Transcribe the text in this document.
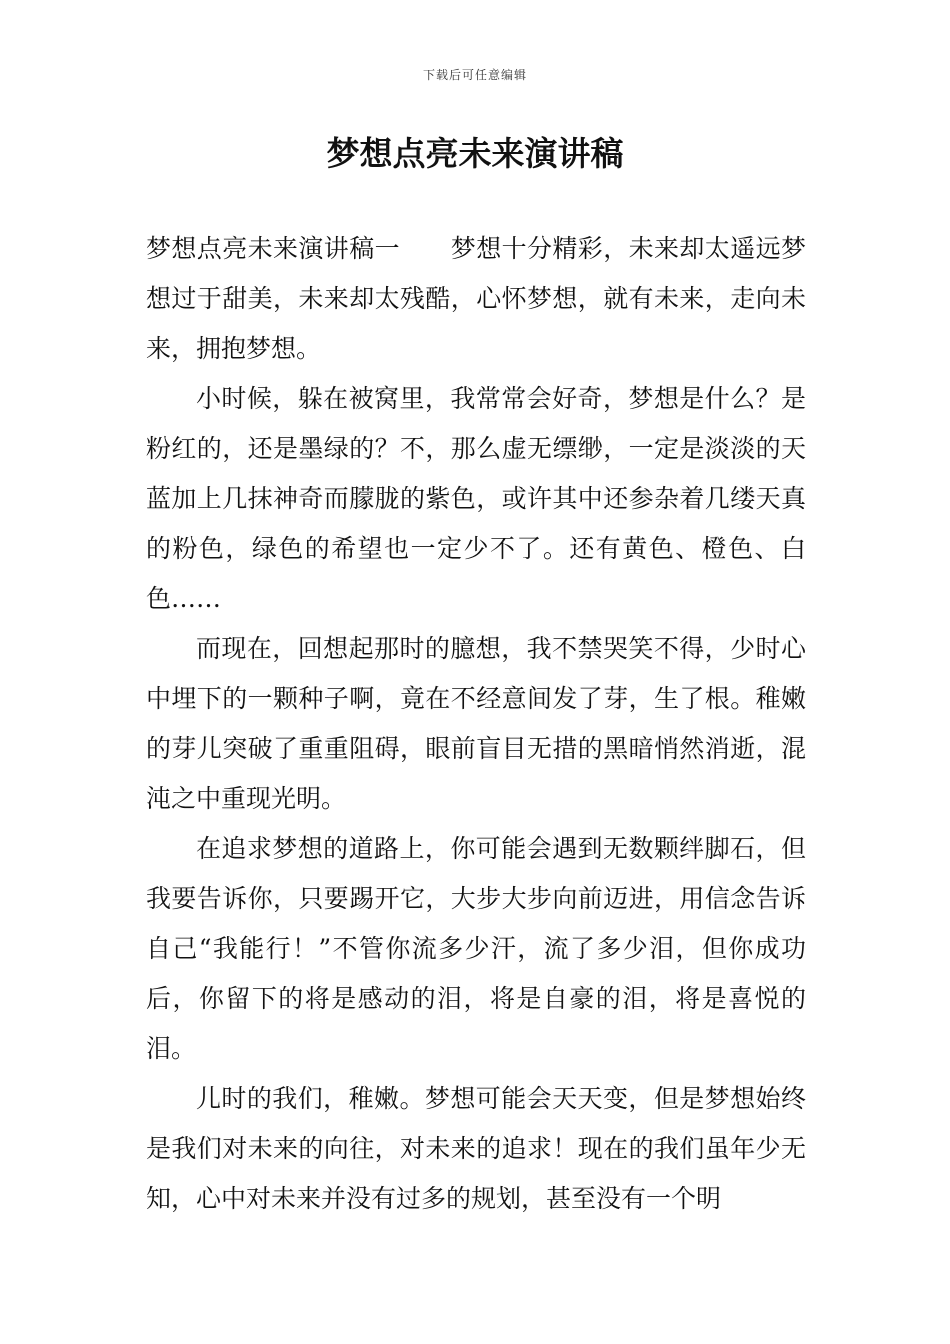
下载后可任意编辑
梦想点亮未来演讲稿

梦想点亮未来演讲稿一　　梦想十分精彩，未来却太遥远梦想过于甜美，未来却太残酷，心怀梦想，就有未来，走向未来，拥抱梦想。

小时候，躲在被窝里，我常常会好奇，梦想是什么？是粉红的，还是墨绿的？不，那么虚无缥缈，一定是淡淡的天蓝加上几抹神奇而朦胧的紫色，或许其中还参杂着几缕天真的粉色，绿色的希望也一定少不了。还有黄色、橙色、白色……

而现在，回想起那时的臆想，我不禁哭笑不得，少时心中埋下的一颗种子啊，竟在不经意间发了芽，生了根。稚嫩的芽儿突破了重重阻碍，眼前盲目无措的黑暗悄然消逝，混沌之中重现光明。

在追求梦想的道路上，你可能会遇到无数颗绊脚石，但我要告诉你，只要踢开它，大步大步向前迈进，用信念告诉自己“我能行！”不管你流多少汗，流了多少泪，但你成功后，你留下的将是感动的泪，将是自豪的泪，将是喜悦的泪。

儿时的我们，稚嫩。梦想可能会天天变，但是梦想始终是我们对未来的向往，对未来的追求！现在的我们虽年少无知，心中对未来并没有过多的规划，甚至没有一个明
